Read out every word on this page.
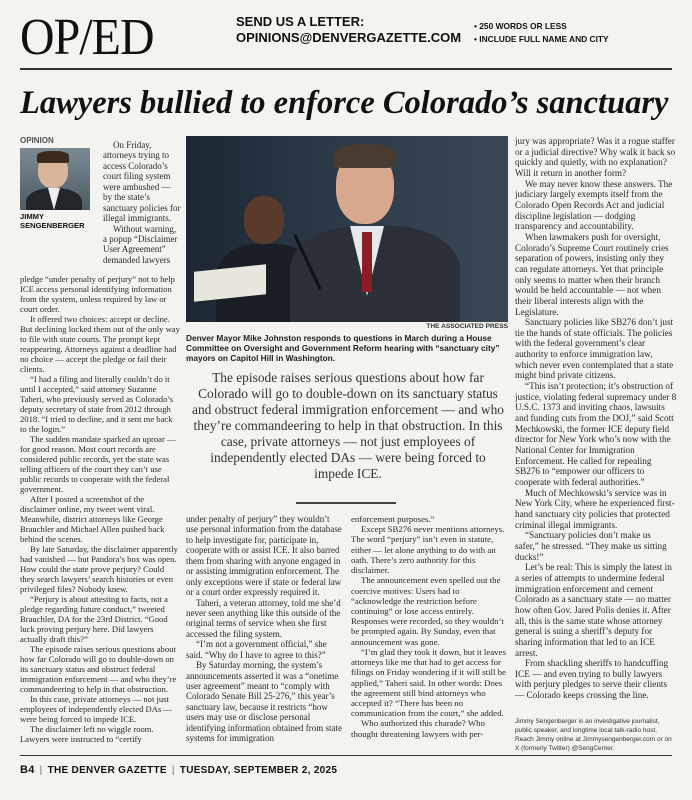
OP/ED	SEND US A LETTER:
OPINIONS@DENVERGAZETTE.COM
• 250 WORDS OR LESS
• INCLUDE FULL NAME AND CITY
Lawyers bullied to enforce Colorado’s sanctuary
OPINION
JIMMY
SENGENBERGER

On Friday, attorneys trying to access Colorado’s court filing system were ambushed — by the state’s sanctuary policies for illegal immigrants.

Without warning, a popup “Disclaimer User Agreement” demanded lawyers

pledge “under penalty of perjury” not to help ICE access personal identifying information from the system, unless required by law or court order.

It offered two choices: accept or decline. But declining locked them out of the only way to file with state courts. The prompt kept reappearing. Attorneys against a deadline had no choice — accept the pledge or fail their clients.

“I had a filing and literally couldn’t do it until I accepted,” said attorney Suzanne Taheri, who previously served as Colorado’s deputy secretary of state from 2012 through 2018. “I tried to decline, and it sent me back to the login.”

The sudden mandate sparked an uproar — for good reason. Most court records are considered public records, yet the state was telling officers of the court they can’t use public records to cooperate with the federal government.

After I posted a screenshot of the disclaimer online, my tweet went viral. Meanwhile, district attorneys like George Brauchler and Michael Allen pushed back behind the scenes.

By late Saturday, the disclaimer apparently had vanished — but Pandora’s box was open. How could the state prove perjury? Could they search lawyers’ search histories or even privileged files? Nobody knew.

“Perjury is about attesting to facts, not a pledge regarding future conduct,” tweeted Brauchler, DA for the 23rd District. “Good luck proving perjury here. Did lawyers actually draft this?”

The episode raises serious questions about how far Colorado will go to double-down on its sanctuary status and obstruct federal immigration enforcement — and who they’re commandeering to help in that obstruction.

In this case, private attorneys — not just employees of independently elected DAs — were being forced to impede ICE.

The disclaimer left no wiggle room. Lawyers were instructed to “certify

THE ASSOCIATED PRESS
Denver Mayor Mike Johnston responds to questions in March during a House Committee on Oversight and Government Reform hearing with “sanctuary city” mayors on Capitol Hill in Washington.
The episode raises serious questions about how far Colorado will go to double-down on its sanctuary status and obstruct federal immigration enforcement — and who they’re commandeering to help in that obstruction. In this case, private attorneys — not just employees of independently elected DAs — were being forced to impede ICE.

under penalty of perjury” they wouldn’t use personal information from the database to help investigate for, participate in, cooperate with or assist ICE. It also barred them from sharing with anyone engaged in or assisting immigration enforcement. The only exceptions were if state or federal law or a court order expressly required it.

Taheri, a veteran attorney, told me she’d never seen anything like this outside of the original terms of service when she first accessed the filing system.

“I’m not a government official,” she said. “Why do I have to agree to this?”

By Saturday morning, the system’s announcements asserted it was a “onetime user agreement” meant to “comply with Colorado Senate Bill 25-276,” this year’s sanctuary law, because it restricts “how users may use or disclose personal identifying information obtained from state systems for immigration

enforcement purposes.”

Except SB276 never mentions attorneys. The word “perjury” isn’t even in statute, either — let alone anything to do with an oath. There’s zero authority for this disclaimer.

The announcement even spelled out the coercive motives: Users had to “acknowledge the restriction before continuing” or lose access entirely. Responses were recorded, so they wouldn’t be prompted again. By Sunday, even that announcement was gone.

“I’m glad they took it down, but it leaves attorneys like me that had to get access for filings on Friday wondering if it will still be applied,” Taheri said. In other words: Does the agreement still bind attorneys who accepted it? “There has been no communication from the court,” she added.

Who authorized this charade? Who thought threatening lawyers with per-

jury was appropriate? Was it a rogue staffer or a judicial directive? Why walk it back so quickly and quietly, with no explanation? Will it return in another form?

We may never know these answers. The judiciary largely exempts itself from the Colorado Open Records Act and judicial discipline legislation — dodging transparency and accountability.

When lawmakers push for oversight, Colorado’s Supreme Court routinely cries separation of powers, insisting only they can regulate attorneys. Yet that principle only seems to matter when their branch would be held accountable — not when their liberal interests align with the Legislature.

Sanctuary policies like SB276 don’t just tie the hands of state officials. The policies with the federal government’s clear authority to enforce immigration law, which never even contemplated that a state might bind private citizens.

“This isn’t protection; it’s obstruction of justice, violating federal supremacy under 8 U.S.C. 1373 and inviting chaos, lawsuits and funding cuts from the DOJ,” said Scott Mechkowski, the former ICE deputy field director for New York who’s now with the National Center for Immigration Enforcement. He called for repealing SB276 to “empower our officers to cooperate with federal authorities.”

Much of Mechkowski’s service was in New York City, where he experienced first-hand sanctuary city policies that protected criminal illegal immigrants.

“Sanctuary policies don’t make us safer,” he stressed. “They make us sitting ducks!”

Let’s be real: This is simply the latest in a series of attempts to undermine federal immigration enforcement and cement Colorado as a sanctuary state — no matter how often Gov. Jared Polis denies it. After all, this is the same state whose attorney general is suing a sheriff’s deputy for sharing information that led to an ICE arrest.

From shackling sheriffs to handcuffing ICE — and even trying to bully lawyers with perjury pledges to serve their clients — Colorado keeps crossing the line.

Jimmy Sengenberger is an investigative journalist, public speaker, and longtime local talk-radio host. Reach Jimmy online at Jimmysengenberger.com or on X (formerly Twitter) @SengCenter.
B4 | THE DENVER GAZETTE | TUESDAY, SEPTEMBER 2, 2025
